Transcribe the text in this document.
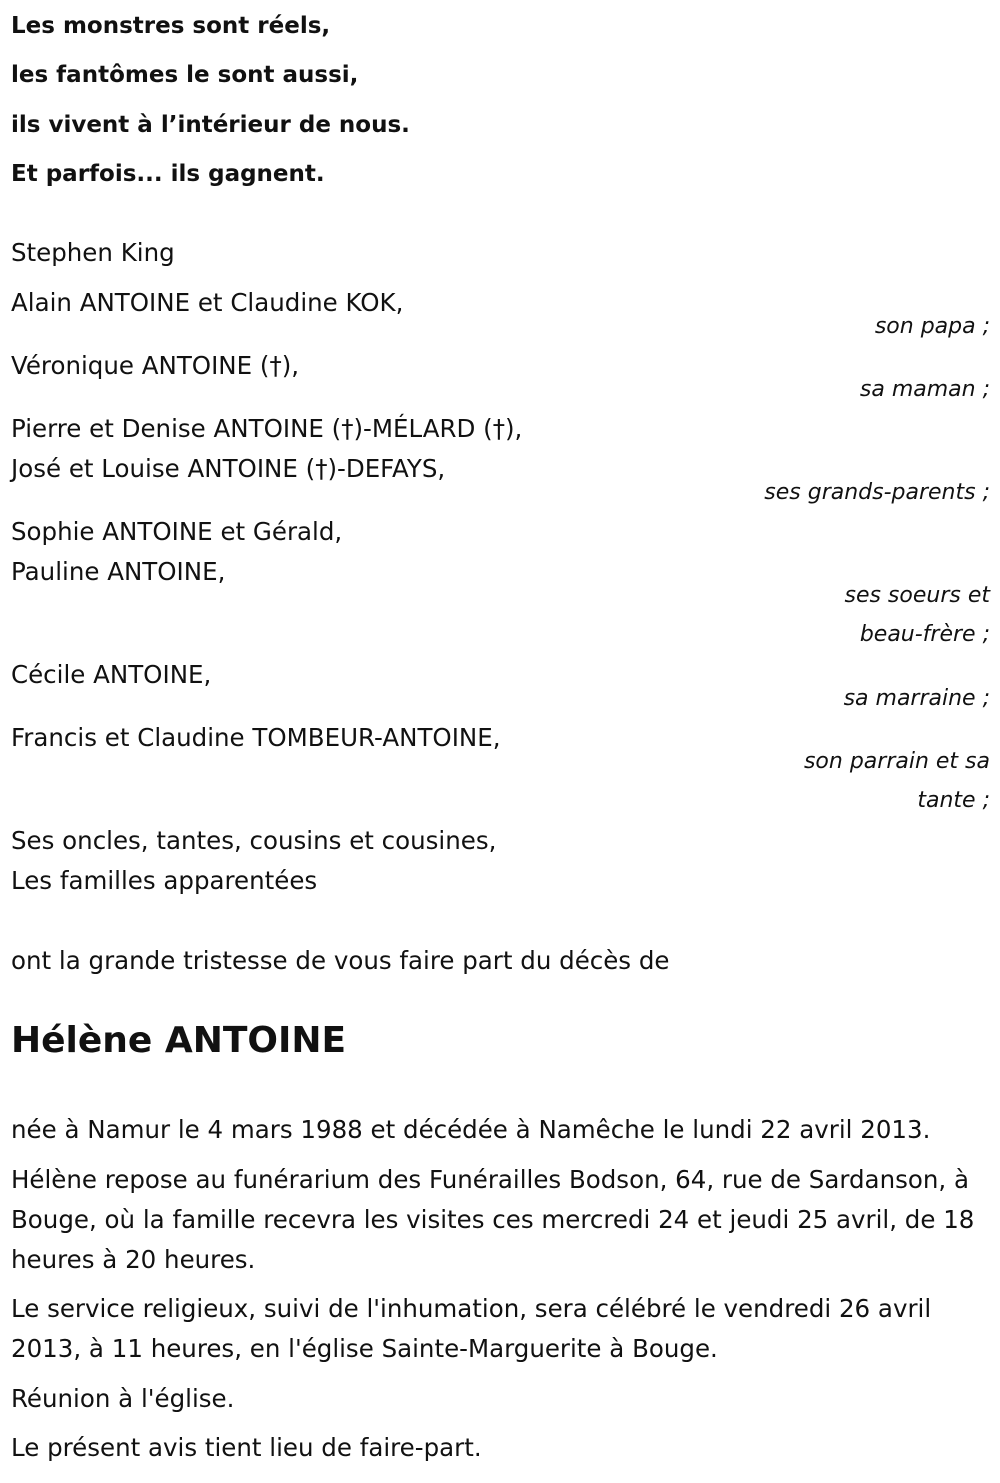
Les monstres sont réels,
les fantômes le sont aussi,
ils vivent à l’intérieur de nous.
Et parfois... ils gagnent.
Stephen King
Alain ANTOINE et Claudine KOK,
son papa ;
Véronique ANTOINE (†),
sa maman ;
Pierre et Denise ANTOINE (†)-MÉLARD (†),
José et Louise ANTOINE (†)-DEFAYS,
ses grands-parents ;
Sophie ANTOINE et Gérald,
Pauline ANTOINE,
ses soeurs et
beau-frère ;
Cécile ANTOINE,
sa marraine ;
Francis et Claudine TOMBEUR-ANTOINE,
son parrain et sa
tante ;
Ses oncles, tantes, cousins et cousines,
Les familles apparentées
ont la grande tristesse de vous faire part du décès de
Hélène ANTOINE
née à Namur le 4 mars 1988 et décédée à Namêche le lundi 22 avril 2013.
Hélène repose au funérarium des Funérailles Bodson, 64, rue de Sardanson, à Bouge, où la famille recevra les visites ces mercredi 24 et jeudi 25 avril, de 18 heures à 20 heures.
Le service religieux, suivi de l'inhumation, sera célébré le vendredi 26 avril 2013, à 11 heures, en l'église Sainte-Marguerite à Bouge.
Réunion à l'église.
Le présent avis tient lieu de faire-part.
